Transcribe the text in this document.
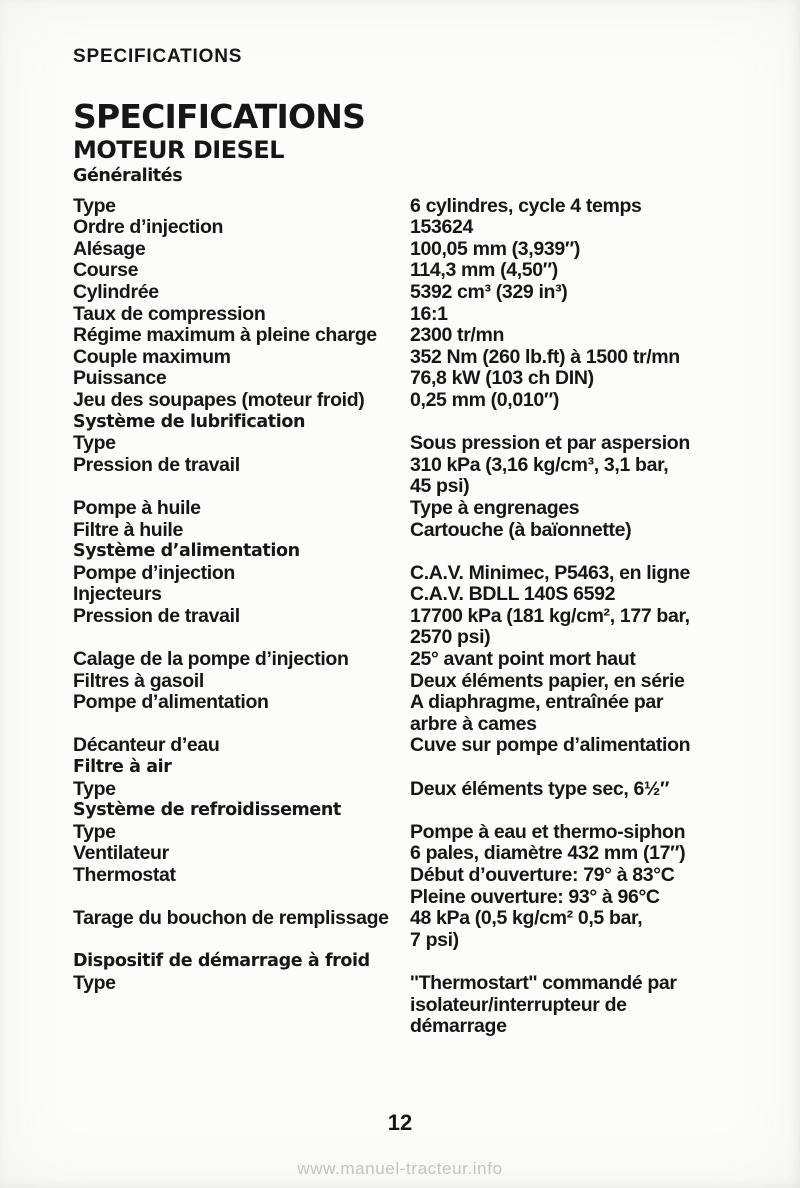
SPECIFICATIONS
SPECIFICATIONS
MOTEUR DIESEL
Généralités
Type	6 cylindres, cycle 4 temps
Ordre d’injection	153624
Alésage	100,05 mm (3,939″)
Course	114,3 mm (4,50″)
Cylindrée	5392 cm³ (329 in³)
Taux de compression	16:1
Régime maximum à pleine charge	2300 tr/mn
Couple maximum	352 Nm (260 lb.ft) à 1500 tr/mn
Puissance	76,8 kW (103 ch DIN)
Jeu des soupapes (moteur froid)	0,25 mm (0,010″)
Système de lubrification
Type	Sous pression et par aspersion
Pression de travail	310 kPa (3,16 kg/cm³, 3,1 bar,
45 psi)
Pompe à huile	Type à engrenages
Filtre à huile	Cartouche (à baïonnette)
Système d’alimentation
Pompe d’injection	C.A.V. Minimec, P5463, en ligne
Injecteurs	C.A.V. BDLL 140S 6592
Pression de travail	17700 kPa (181 kg/cm², 177 bar,
2570 psi)
Calage de la pompe d’injection	25° avant point mort haut
Filtres à gasoil	Deux éléments papier, en série
Pompe d’alimentation	A diaphragme, entraînée par
arbre à cames
Décanteur d’eau	Cuve sur pompe d’alimentation
Filtre à air
Type	Deux éléments type sec, 6½″
Système de refroidissement
Type	Pompe à eau et thermo-siphon
Ventilateur	6 pales, diamètre 432 mm (17″)
Thermostat	Début d’ouverture: 79° à 83°C
Pleine ouverture: 93° à 96°C
Tarage du bouchon de remplissage	48 kPa (0,5 kg/cm² 0,5 bar,
7 psi)
Dispositif de démarrage à froid
Type	''Thermostart'' commandé par
isolateur/interrupteur de
démarrage
12
www.manuel-tracteur.info
